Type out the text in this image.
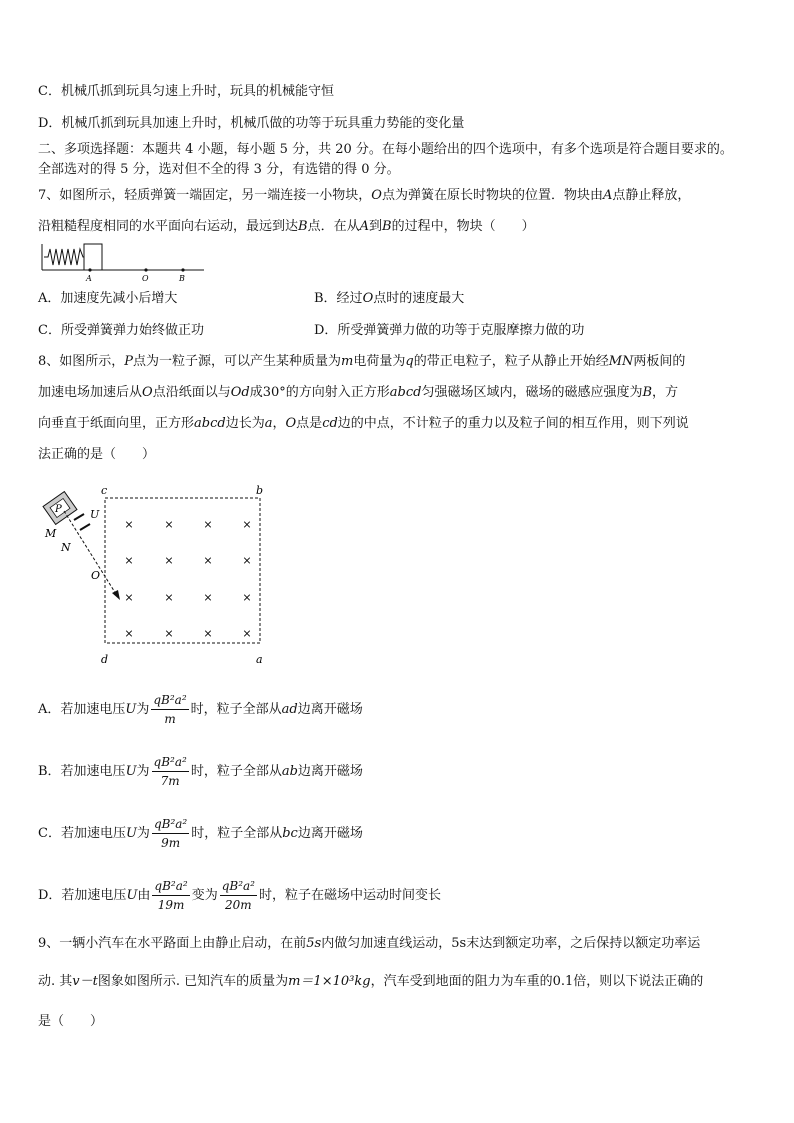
C．机械爪抓到玩具匀速上升时，玩具的机械能守恒
D．机械爪抓到玩具加速上升时，机械爪做的功等于玩具重力势能的变化量
二、多项选择题：本题共 4 小题，每小题 5 分，共 20 分。在每小题给出的四个选项中，有多个选项是符合题目要求的。
全部选对的得 5 分，选对但不全的得 3 分，有选错的得 0 分。
7、如图所示，轻质弹簧一端固定，另一端连接一小物块，O点为弹簧在原长时物块的位置．物块由A点静止释放，
沿粗糙程度相同的水平面向右运动，最远到达B点．在从A到B的过程中，物块（　　）
A	O	B
A．加速度先减小后增大	B．经过O点时的速度最大
C．所受弹簧弹力始终做正功	D．所受弹簧弹力做的功等于克服摩擦力做的功
8、如图所示，P点为一粒子源，可以产生某种质量为m电荷量为q的带正电粒子，粒子从静止开始经MN两板间的
加速电场加速后从O点沿纸面以与Od成30°的方向射入正方形abcd匀强磁场区域内，磁场的磁感应强度为B，方
向垂直于纸面向里，正方形abcd边长为a，O点是cd边的中点，不计粒子的重力以及粒子间的相互作用，则下列说
法正确的是（　　）
c	b
d	a
P	U
M
N
O
×	×	×	×
×	×	×	×
×	×	×	×
×	×	×	×
A．若加速电压U为 $\frac{\text{qB²a²}}{m}$ 时，粒子全部从ad边离开磁场
B．若加速电压U为 $\frac{\text{qB²a²}}{7m}$ 时，粒子全部从ab边离开磁场
C．若加速电压U为 $\frac{\text{qB²a²}}{9m}$ 时，粒子全部从bc边离开磁场
D．若加速电压U由 $\frac{\text{qB²a²}}{19m}$ 变为 $\frac{\text{qB²a²}}{20m}$ 时，粒子在磁场中运动时间变长
9、一辆小汽车在水平路面上由静止启动，在前5s内做匀加速直线运动，5s末达到额定功率，之后保持以额定功率运
动. 其v－t图象如图所示. 已知汽车的质量为m＝1×10³kg，汽车受到地面的阻力为车重的0.1倍，则以下说法正确的
是（　　）
